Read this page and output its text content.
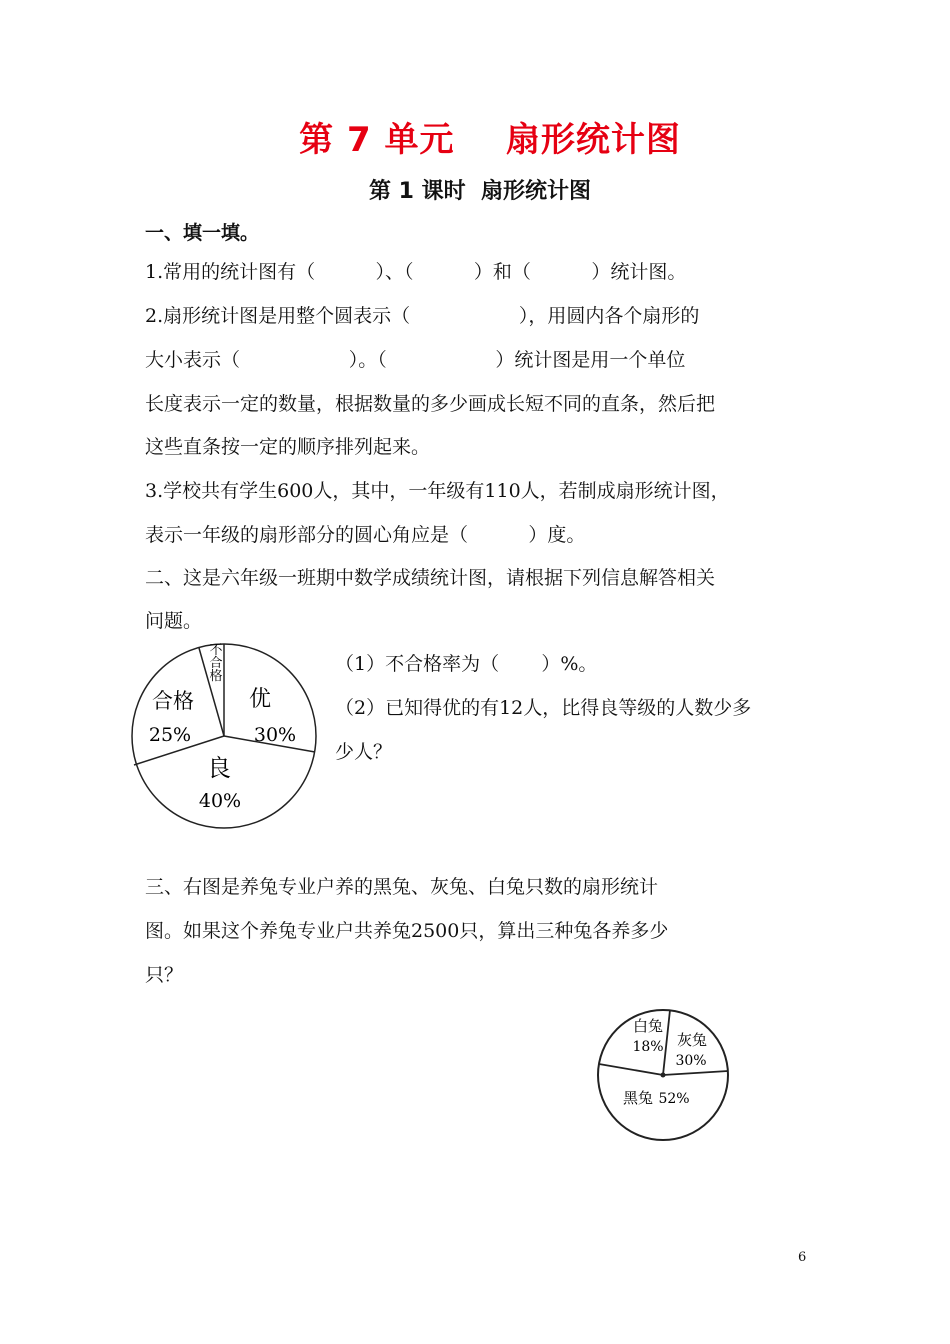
第 7 单元    扇形统计图
第 1 课时  扇形统计图
一、填一填。
1.常用的统计图有（          ）、（          ）和（          ）统计图。
2.扇形统计图是用整个圆表示（                  ），用圆内各个扇形的
大小表示（                  ）。（                  ）统计图是用一个单位
长度表示一定的数量，根据数量的多少画成长短不同的直条，然后把
这些直条按一定的顺序排列起来。
3.学校共有学生600人，其中，一年级有110人，若制成扇形统计图，
表示一年级的扇形部分的圆心角应是（          ）度。
二、这是六年级一班期中数学成绩统计图，请根据下列信息解答相关
问题。
优
30%
良
40%
合格
25%
不合格	（1）不合格率为（       ）%。
（2）已知得优的有12人，比得良等级的人数少多
少人？
三、右图是养兔专业户养的黑兔、灰兔、白兔只数的扇形统计
图。如果这个养兔专业户共养兔2500只，算出三种兔各养多少
只？
白兔
18% 灰兔
30%
黑兔 52%
6
